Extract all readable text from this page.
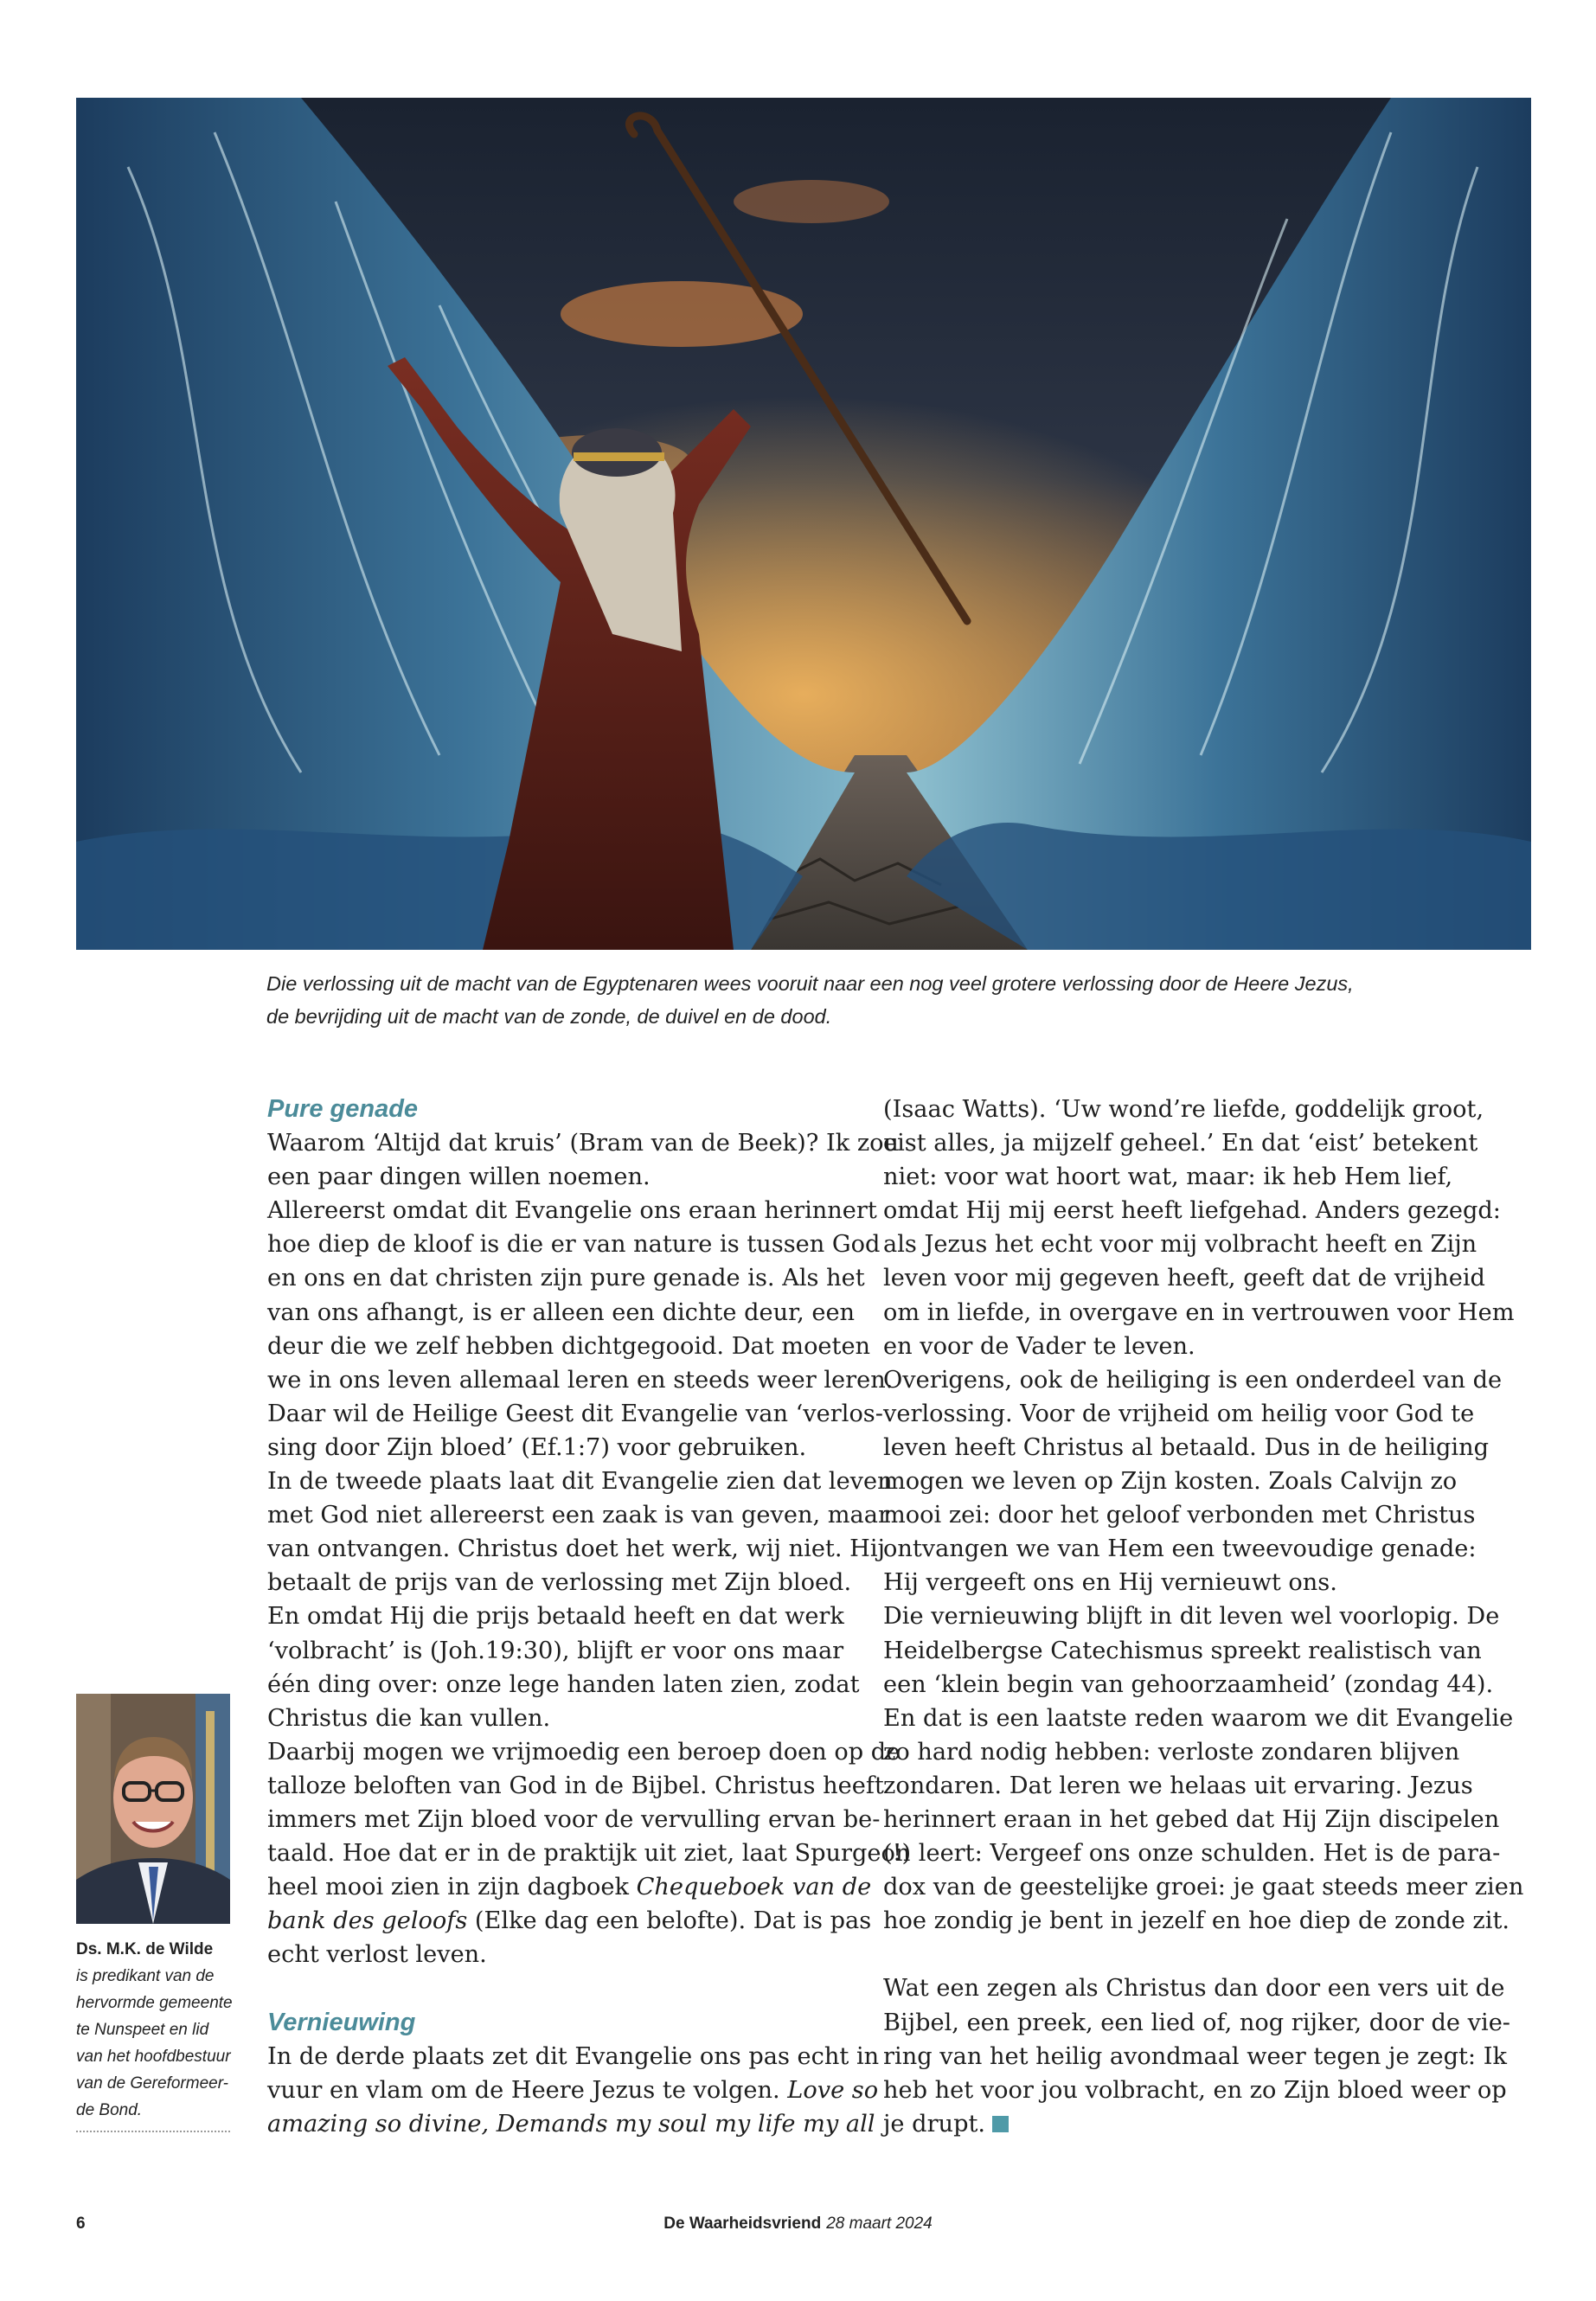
Die verlossing uit de macht van de Egyptenaren wees vooruit naar een nog veel grotere verlossing door de Heere Jezus,
de bevrijding uit de macht van de zonde, de duivel en de dood.
Pure genade
Waarom ‘Altijd dat kruis’ (Bram van de Beek)? Ik zou
een paar dingen willen noemen.
Allereerst omdat dit Evangelie ons eraan herinnert
hoe diep de kloof is die er van nature is tussen God
en ons en dat christen zijn pure genade is. Als het
van ons afhangt, is er alleen een dichte deur, een
deur die we zelf hebben dichtgegooid. Dat moeten
we in ons leven allemaal leren en steeds weer leren.
Daar wil de Heilige Geest dit Evangelie van ‘verlos-
sing door Zijn bloed’ (Ef.1:7) voor gebruiken.
In de tweede plaats laat dit Evangelie zien dat leven
met God niet allereerst een zaak is van geven, maar
van ontvangen. Christus doet het werk, wij niet. Hij
betaalt de prijs van de verlossing met Zijn bloed.
En omdat Hij die prijs betaald heeft en dat werk
‘volbracht’ is (Joh.19:30), blijft er voor ons maar
één ding over: onze lege handen laten zien, zodat
Christus die kan vullen.
Daarbij mogen we vrijmoedig een beroep doen op de
talloze beloften van God in de Bijbel. Christus heeft
immers met Zijn bloed voor de vervulling ervan be-
taald. Hoe dat er in de praktijk uit ziet, laat Spurgeon
heel mooi zien in zijn dagboek Chequeboek van de
bank des geloofs (Elke dag een belofte). Dat is pas
echt verlost leven.
Vernieuwing
In de derde plaats zet dit Evangelie ons pas echt in
vuur en vlam om de Heere Jezus te volgen. Love so
amazing so divine, Demands my soul my life my all
(Isaac Watts). ‘Uw wond’re liefde, goddelijk groot,
eist alles, ja mijzelf geheel.’ En dat ‘eist’ betekent
niet: voor wat hoort wat, maar: ik heb Hem lief,
omdat Hij mij eerst heeft liefgehad. Anders gezegd:
als Jezus het echt voor mij volbracht heeft en Zijn
leven voor mij gegeven heeft, geeft dat de vrijheid
om in liefde, in overgave en in vertrouwen voor Hem
en voor de Vader te leven.
Overigens, ook de heiliging is een onderdeel van de
verlossing. Voor de vrijheid om heilig voor God te
leven heeft Christus al betaald. Dus in de heiliging
mogen we leven op Zijn kosten. Zoals Calvijn zo
mooi zei: door het geloof verbonden met Christus
ontvangen we van Hem een tweevoudige genade:
Hij vergeeft ons en Hij vernieuwt ons.
Die vernieuwing blijft in dit leven wel voorlopig. De
Heidelbergse Catechismus spreekt realistisch van
een ‘klein begin van gehoorzaamheid’ (zondag 44).
En dat is een laatste reden waarom we dit Evangelie
zo hard nodig hebben: verloste zondaren blijven
zondaren. Dat leren we helaas uit ervaring. Jezus
herinnert eraan in het gebed dat Hij Zijn discipelen
(!) leert: Vergeef ons onze schulden. Het is de para-
dox van de geestelijke groei: je gaat steeds meer zien
hoe zondig je bent in jezelf en hoe diep de zonde zit.
Wat een zegen als Christus dan door een vers uit de
Bijbel, een preek, een lied of, nog rijker, door de vie-
ring van het heilig avondmaal weer tegen je zegt: Ik
heb het voor jou volbracht, en zo Zijn bloed weer op
je drupt.
Ds. M.K. de Wilde
is predikant van de
hervormde gemeente
te Nunspeet en lid
van het hoofdbestuur
van de Gereformeer-
de Bond.
6	De Waarheidsvriend 28 maart 2024
